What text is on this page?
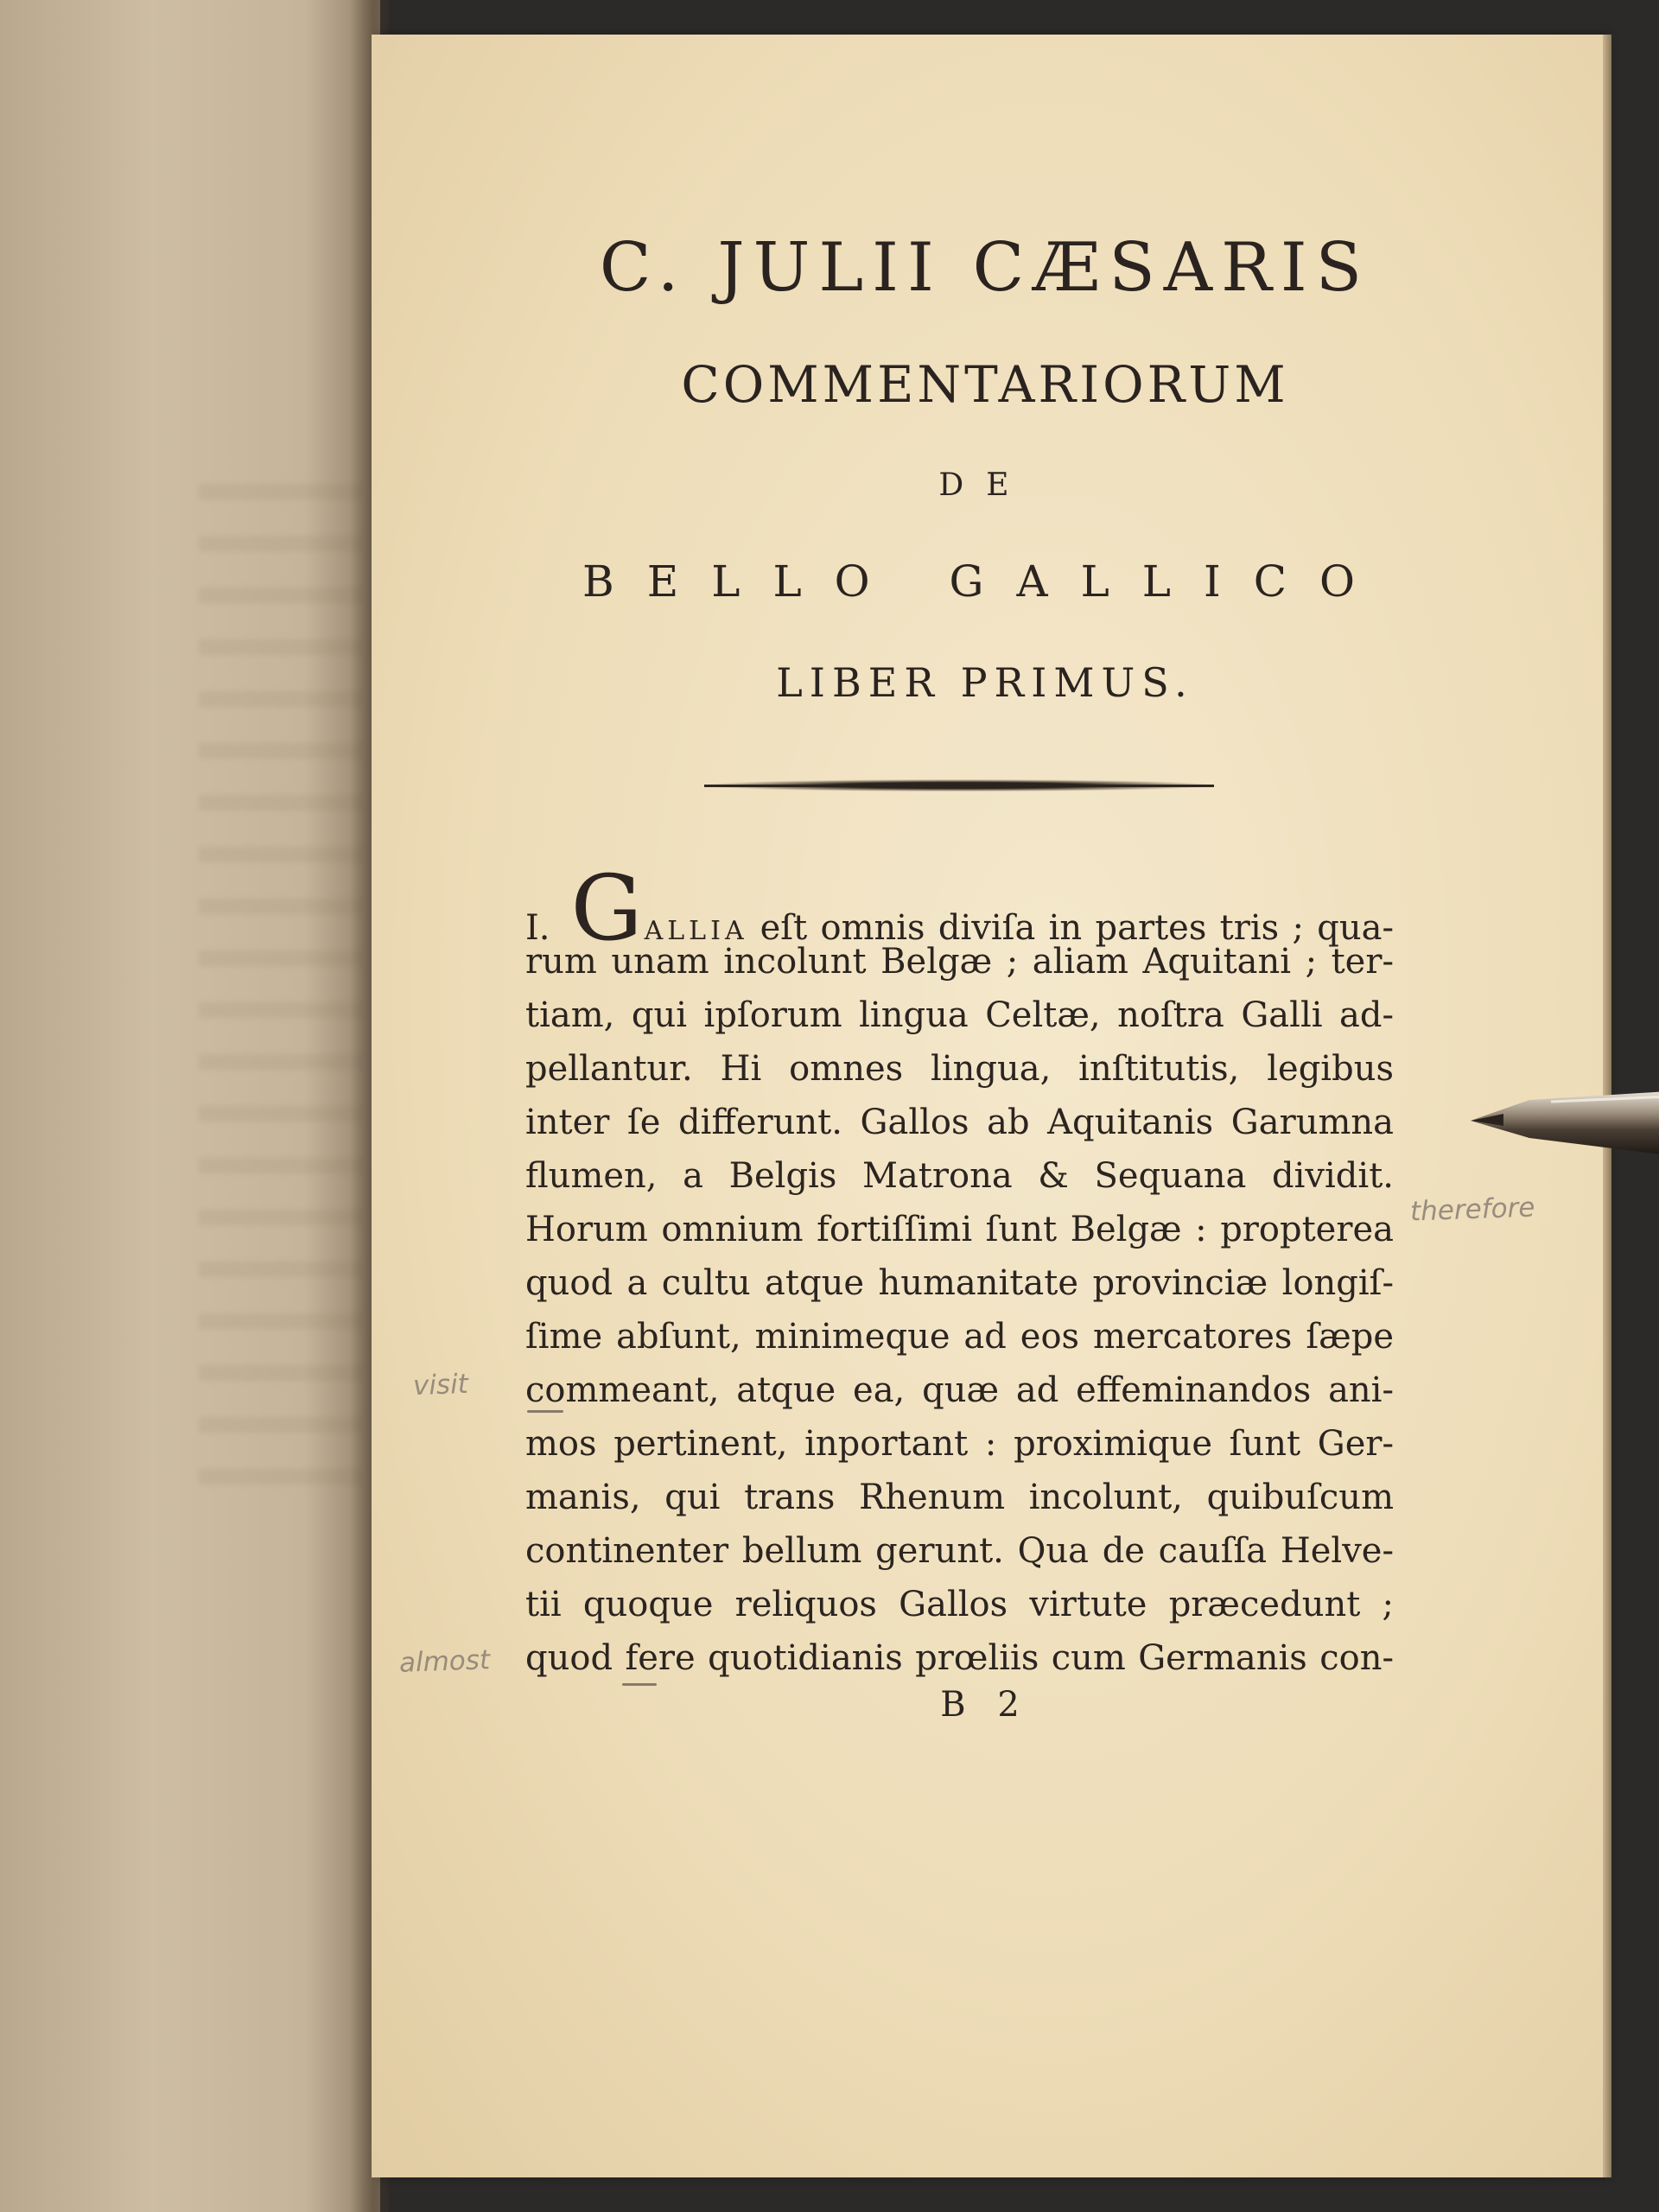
C. JULII CÆSARIS
COMMENTARIORUM
DE
BELLO GALLICO
LIBER PRIMUS.
I. G ALLIA eſt omnis diviſa in partes tris ; qua-
rum unam incolunt Belgæ ; aliam Aquitani ; ter-
tiam, qui ipſorum lingua Celtæ, noſtra Galli ad-
pellantur. Hi omnes lingua, inſtitutis, legibus
inter ſe differunt. Gallos ab Aquitanis Garumna
flumen, a Belgis Matrona & Sequana dividit.
Horum omnium fortiſſimi ſunt Belgæ : propterea
quod a cultu atque humanitate provinciæ longiſ-
ſime abſunt, minimeque ad eos mercatores ſæpe
commeant, atque ea, quæ ad effeminandos ani-
mos pertinent, inportant : proximique ſunt Ger-
manis, qui trans Rhenum incolunt, quibuſcum
continenter bellum gerunt. Qua de cauſſa Helve-
tii quoque reliquos Gallos virtute præcedunt ;
quod fere quotidianis prœliis cum Germanis con-
B 2
therefore
visit
almost
